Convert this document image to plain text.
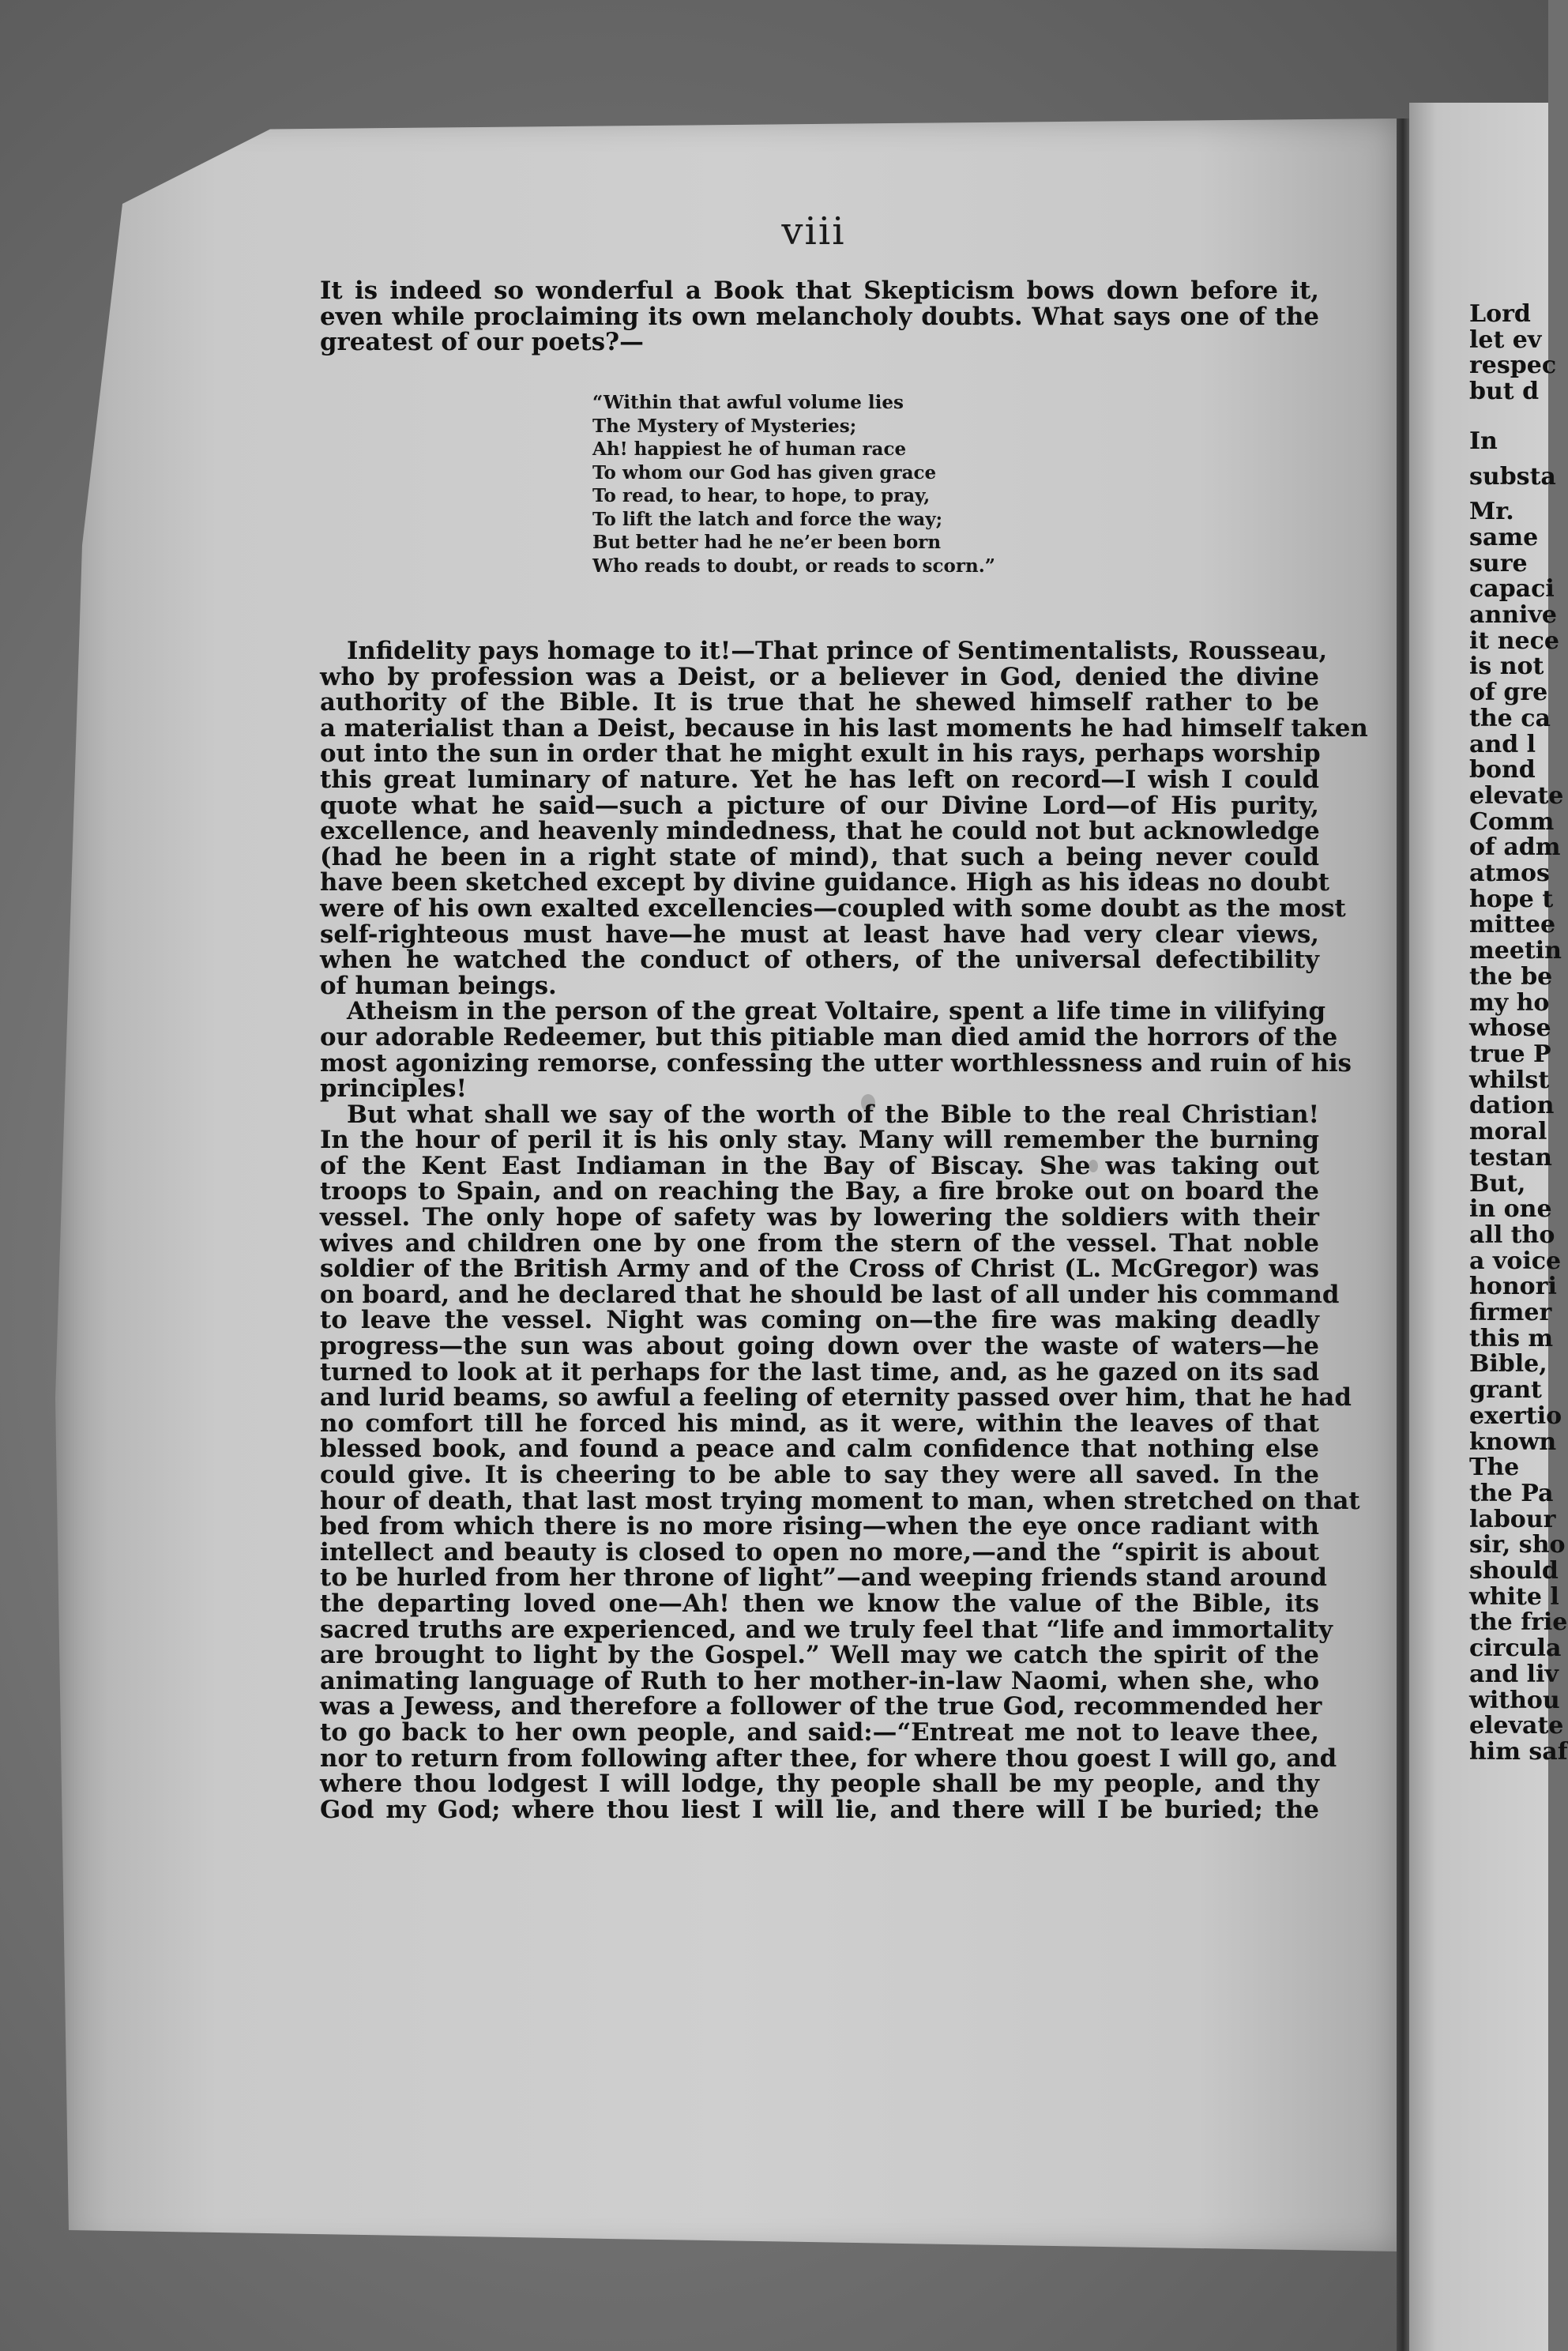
viii
It is indeed so wonderful a Book that Skepticism bows down before it,
even while proclaiming its own melancholy doubts. What says one of the
greatest of our poets?—
“Within that awful volume lies
The Mystery of Mysteries;
Ah! happiest he of human race
To whom our God has given grace
To read, to hear, to hope, to pray,
To lift the latch and force the way;
But better had he ne’er been born
Who reads to doubt, or reads to scorn.”
Infidelity pays homage to it!—That prince of Sentimentalists, Rousseau,
who by profession was a Deist, or a believer in God, denied the divine
authority of the Bible. It is true that he shewed himself rather to be
a materialist than a Deist, because in his last moments he had himself taken
out into the sun in order that he might exult in his rays, perhaps worship
this great luminary of nature. Yet he has left on record—I wish I could
quote what he said—such a picture of our Divine Lord—of His purity,
excellence, and heavenly mindedness, that he could not but acknowledge
(had he been in a right state of mind), that such a being never could
have been sketched except by divine guidance. High as his ideas no doubt
were of his own exalted excellencies—coupled with some doubt as the most
self-righteous must have—he must at least have had very clear views,
when he watched the conduct of others, of the universal defectibility
of human beings.
Atheism in the person of the great Voltaire, spent a life time in vilifying
our adorable Redeemer, but this pitiable man died amid the horrors of the
most agonizing remorse, confessing the utter worthlessness and ruin of his
principles!
But what shall we say of the worth of the Bible to the real Christian!
In the hour of peril it is his only stay. Many will remember the burning
of the Kent East Indiaman in the Bay of Biscay. She was taking out
troops to Spain, and on reaching the Bay, a fire broke out on board the
vessel. The only hope of safety was by lowering the soldiers with their
wives and children one by one from the stern of the vessel. That noble
soldier of the British Army and of the Cross of Christ (L. McGregor) was
on board, and he declared that he should be last of all under his command
to leave the vessel. Night was coming on—the fire was making deadly
progress—the sun was about going down over the waste of waters—he
turned to look at it perhaps for the last time, and, as he gazed on its sad
and lurid beams, so awful a feeling of eternity passed over him, that he had
no comfort till he forced his mind, as it were, within the leaves of that
blessed book, and found a peace and calm confidence that nothing else
could give. It is cheering to be able to say they were all saved. In the
hour of death, that last most trying moment to man, when stretched on that
bed from which there is no more rising—when the eye once radiant with
intellect and beauty is closed to open no more,—and the “spirit is about
to be hurled from her throne of light”—and weeping friends stand around
the departing loved one—Ah! then we know the value of the Bible, its
sacred truths are experienced, and we truly feel that “life and immortality
are brought to light by the Gospel.” Well may we catch the spirit of the
animating language of Ruth to her mother-in-law Naomi, when she, who
was a Jewess, and therefore a follower of the true God, recommended her
to go back to her own people, and said:—“Entreat me not to leave thee,
nor to return from following after thee, for where thou goest I will go, and
where thou lodgest I will lodge, thy people shall be my people, and thy
God my God; where thou liest I will lie, and there will I be buried; the
Lord
let ev
respec
but d
In
substa
Mr.
same
sure
capaci
annive
it nece
is not
of gre
the ca
and l
bond
elevate
Comm
of adm
atmos
hope t
mittee
meetin
the be
my ho
whose
true P
whilst
dation
moral
testan
But,
in one
all tho
a voice
honori
firmer
this m
Bible,
grant
exertio
known
The
the Pa
labour
sir, sho
should
white l
the frie
circula
and liv
withou
elevate
him saf
